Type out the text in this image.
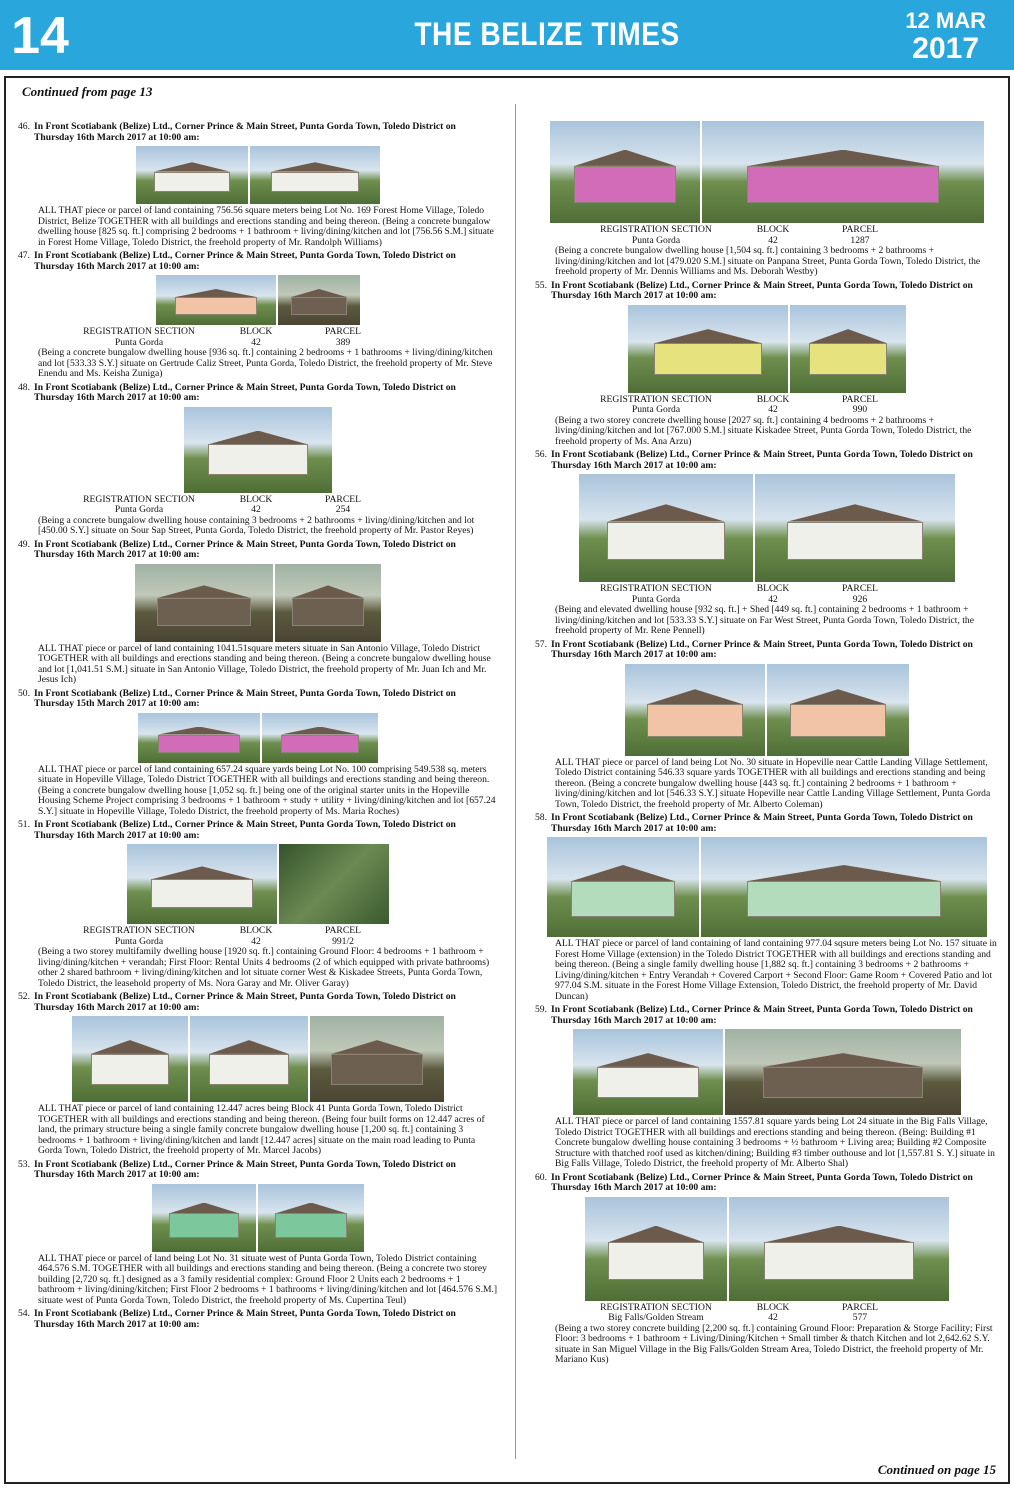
14	THE BELIZE TIMES	12 MAR
2017
Continued from page 13
46. In Front Scotiabank (Belize) Ltd., Corner Prince & Main Street, Punta Gorda Town, Toledo District on Thursday 16th March 2017 at 10:00 am:
ALL THAT piece or parcel of land containing 756.56 square meters being Lot No. 169 Forest Home Village, Toledo District, Belize TOGETHER with all buildings and erections standing and being thereon. (Being a concrete bungalow dwelling house [825 sq. ft.] comprising 2 bedrooms + 1 bathroom + living/dining/kitchen and lot [756.56 S.M.] situate in Forest Home Village, Toledo District, the freehold property of Mr. Randolph Williams)
47. In Front Scotiabank (Belize) Ltd., Corner Prince & Main Street, Punta Gorda Town, Toledo District on Thursday 16th March 2017 at 10:00 am:
REGISTRATION SECTION	BLOCK	PARCEL
Punta Gorda	42	389
(Being a concrete bungalow dwelling house [936 sq. ft.] containing 2 bedrooms + 1 bathrooms + living/dining/kitchen and lot [533.33 S.Y.] situate on Gertrude Caliz Street, Punta Gorda, Toledo District, the freehold property of Mr. Steve Enendu and Ms. Keisha Zuniga)
48. In Front Scotiabank (Belize) Ltd., Corner Prince & Main Street, Punta Gorda Town, Toledo District on Thursday 16th March 2017 at 10:00 am:
REGISTRATION SECTION	BLOCK	PARCEL
Punta Gorda	42	254
(Being a concrete bungalow dwelling house containing 3 bedrooms + 2 bathrooms + living/dining/kitchen and lot [450.00 S.Y.] situate on Sour Sap Street, Punta Gorda, Toledo District, the freehold property of Mr. Pastor Reyes)
49. In Front Scotiabank (Belize) Ltd., Corner Prince & Main Street, Punta Gorda Town, Toledo District on Thursday 16th March 2017 at 10:00 am:
ALL THAT piece or parcel of land containing 1041.51square meters situate in San Antonio Village, Toledo District TOGETHER with all buildings and erections standing and being thereon. (Being a concrete bungalow dwelling house and lot [1,041.51 S.M.] situate in San Antonio Village, Toledo District, the freehold property of Mr. Juan Ich and Mr. Jesus Ich)
50. In Front Scotiabank (Belize) Ltd., Corner Prince & Main Street, Punta Gorda Town, Toledo District on Thursday 15th March 2017 at 10:00 am:
ALL THAT piece or parcel of land containing 657.24 square yards being Lot No. 100 comprising 549.538 sq. meters situate in Hopeville Village, Toledo District TOGETHER with all buildings and erections standing and being thereon. (Being a concrete bungalow dwelling house [1,052 sq. ft.] being one of the original starter units in the Hopeville Housing Scheme Project comprising 3 bedrooms + 1 bathroom + study + utility + living/dining/kitchen and lot [657.24 S.Y.] situate in Hopeville Village, Toledo District, the freehold property of Ms. Maria Roches)
51. In Front Scotiabank (Belize) Ltd., Corner Prince & Main Street, Punta Gorda Town, Toledo District on Thursday 16th March 2017 at 10:00 am:
REGISTRATION SECTION	BLOCK	PARCEL
Punta Gorda	42	991/2
(Being a two storey multifamily dwelling house [1920 sq. ft.] containing Ground Floor: 4 bedrooms + 1 bathroom + living/dining/kitchen + verandah; First Floor: Rental Units 4 bedrooms (2 of which equipped with private bathrooms) other 2 shared bathroom + living/dining/kitchen and lot situate corner West & Kiskadee Streets, Punta Gorda Town, Toledo District, the leasehold property of Ms. Nora Garay and Mr. Oliver Garay)
52. In Front Scotiabank (Belize) Ltd., Corner Prince & Main Street, Punta Gorda Town, Toledo District on Thursday 16th March 2017 at 10:00 am:
ALL THAT piece or parcel of land containing 12.447 acres being Block 41 Punta Gorda Town, Toledo District TOGETHER with all buildings and erections standing and being thereon. (Being four built forms on 12.447 acres of land, the primary structure being a single family concrete bungalow dwelling house [1,200 sq. ft.] containing 3 bedrooms + 1 bathroom + living/dining/kitchen and landt [12.447 acres] situate on the main road leading to Punta Gorda Town, Toledo District, the freehold property of Mr. Marcel Jacobs)
53. In Front Scotiabank (Belize) Ltd., Corner Prince & Main Street, Punta Gorda Town, Toledo District on Thursday 16th March 2017 at 10:00 am:
ALL THAT piece or parcel of land being Lot No. 31 situate west of Punta Gorda Town, Toledo District containing 464.576 S.M. TOGETHER with all buildings and erections standing and being thereon. (Being a concrete two storey building [2,720 sq. ft.] designed as a 3 family residential complex: Ground Floor 2 Units each 2 bedrooms + 1 bathroom + living/dining/kitchen; First Floor 2 bedrooms + 1 bathrooms + living/dining/kitchen and lot [464.576 S.M.] situate west of Punta Gorda Town, Toledo District, the freehold property of Ms. Cupertina Teul)
54. In Front Scotiabank (Belize) Ltd., Corner Prince & Main Street, Punta Gorda Town, Toledo District on Thursday 16th March 2017 at 10:00 am:
REGISTRATION SECTION	BLOCK	PARCEL
Punta Gorda	42	1287
(Being a concrete bungalow dwelling house [1,504 sq. ft.] containing 3 bedrooms + 2 bathrooms + living/dining/kitchen and lot [479.020 S.M.] situate on Panpana Street, Punta Gorda Town, Toledo District, the freehold property of Mr. Dennis Williams and Ms. Deborah Westby)
55. In Front Scotiabank (Belize) Ltd., Corner Prince & Main Street, Punta Gorda Town, Toledo District on Thursday 16th March 2017 at 10:00 am:
REGISTRATION SECTION	BLOCK	PARCEL
Punta Gorda	42	990
(Being a two storey concrete dwelling house [2027 sq. ft.] containing 4 bedrooms + 2 bathrooms + living/dining/kitchen and lot [767.000 S.M.] situate Kiskadee Street, Punta Gorda Town, Toledo District, the freehold property of Ms. Ana Arzu)
56. In Front Scotiabank (Belize) Ltd., Corner Prince & Main Street, Punta Gorda Town, Toledo District on Thursday 16th March 2017 at 10:00 am:
REGISTRATION SECTION	BLOCK	PARCEL
Punta Gorda	42	926
(Being and elevated dwelling house [932 sq. ft.] + Shed [449 sq. ft.] containing 2 bedrooms + 1 bathroom + living/dining/kitchen and lot [533.33 S.Y.] situate on Far West Street, Punta Gorda Town, Toledo District, the freehold property of Mr. Rene Pennell)
57. In Front Scotiabank (Belize) Ltd., Corner Prince & Main Street, Punta Gorda Town, Toledo District on Thursday 16th March 2017 at 10:00 am:
ALL THAT piece or parcel of land being Lot No. 30 situate in Hopeville near Cattle Landing Village Settlement, Toledo District containing 546.33 square yards TOGETHER with all buildings and erections standing and being thereon. (Being a concrete bungalow dwelling house [443 sq. ft.] containing 2 bedrooms + 1 bathroom + living/dining/kitchen and lot [546.33 S.Y.] situate Hopeville near Cattle Landing Village Settlement, Punta Gorda Town, Toledo District, the freehold property of Mr. Alberto Coleman)
58. In Front Scotiabank (Belize) Ltd., Corner Prince & Main Street, Punta Gorda Town, Toledo District on Thursday 16th March 2017 at 10:00 am:
ALL THAT piece or parcel of land containing of land containing 977.04 sqsure meters being Lot No. 157 situate in Forest Home Village (extension) in the Toledo District TOGETHER with all buildings and erections standing and being thereon. (Being a single family dwelling house [1,882 sq. ft.] containing 3 bedrooms + 2 bathrooms + Living/dining/kitchen + Entry Verandah + Covered Carport + Second Floor: Game Room + Covered Patio and lot 977.04 S.M. situate in the Forest Home Village Extension, Toledo District, the freehold property of Mr. David Duncan)
59. In Front Scotiabank (Belize) Ltd., Corner Prince & Main Street, Punta Gorda Town, Toledo District on Thursday 16th March 2017 at 10:00 am:
ALL THAT piece or parcel of land containing 1557.81 square yards being Lot 24 situate in the Big Falls Village, Toledo District TOGETHER with all buildings and erections standing and being thereon. (Being: Building #1 Concrete bungalow dwelling house containing 3 bedrooms + ½ bathroom + Living area; Building #2 Composite Structure with thatched roof used as kitchen/dining; Building #3 timber outhouse and lot [1,557.81 S. Y.] situate in Big Falls Village, Toledo District, the freehold property of Mr. Alberto Shal)
60. In Front Scotiabank (Belize) Ltd., Corner Prince & Main Street, Punta Gorda Town, Toledo District on Thursday 16th March 2017 at 10:00 am:
REGISTRATION SECTION	BLOCK	PARCEL
Big Falls/Golden Stream	42	577
(Being a two storey concrete building [2,200 sq. ft.] containing Ground Floor: Preparation & Storge Facility; First Floor: 3 bedrooms + 1 bathroom + Living/Dining/Kitchen + Small timber & thatch Kitchen and lot 2,642.62 S.Y. situate in San Miguel Village in the Big Falls/Golden Stream Area, Toledo District, the freehold property of Mr. Mariano Kus)
Continued on page 15
